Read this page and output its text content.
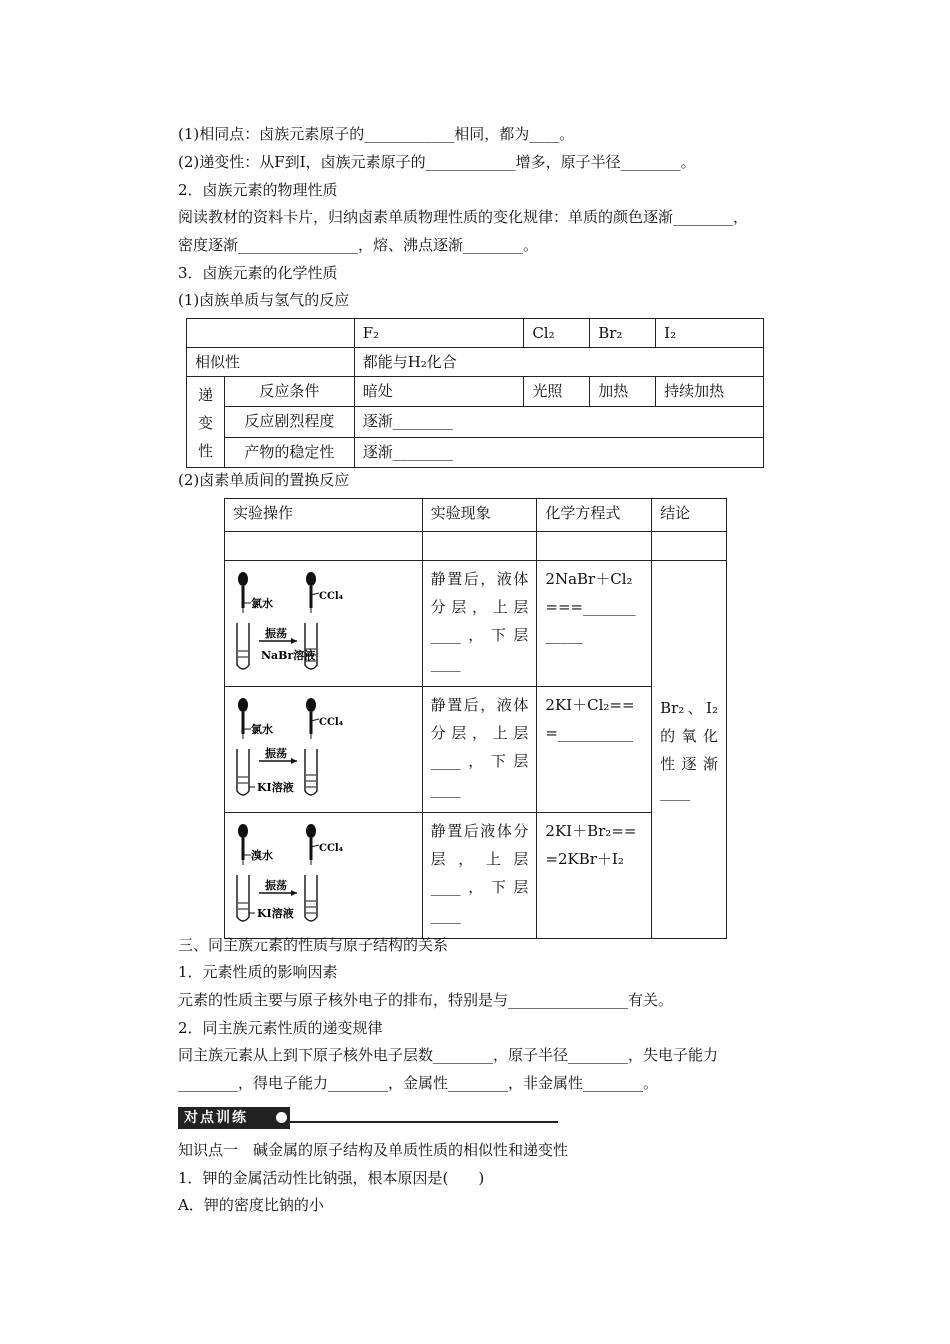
(1)相同点：卤族元素原子的____________相同，都为____。
(2)递变性：从F到I，卤族元素原子的____________增多，原子半径________。
2．卤族元素的物理性质
阅读教材的资料卡片，归纳卤素单质物理性质的变化规律：单质的颜色逐渐________，
密度逐渐________________，熔、沸点逐渐________。
3．卤族元素的化学性质
(1)卤族单质与氢气的反应
		F₂	Cl₂	Br₂	I₂
相似性		都能与H₂化合			

递
变
性	反应条件	暗处	光照	加热	持续加热
	反应剧烈程度	逐渐________			
	产物的稳定性	逐渐________			
(2)卤素单质间的置换反应
实验操作	实验现象	化学方程式	结论

氯水
CCl₄
振荡
NaBr溶液	静置后，液体分层，上层____，下层____	2NaBr＋Cl₂===____________	Br₂、I₂的氧化性逐渐____

氯水
CCl₄
振荡
KI溶液	静置后，液体分层，上层____，下层____	2KI＋Cl₂===__________	

溴水
CCl₄
振荡
KI溶液	静置后液体分层，上层____，下层____	2KI＋Br₂===2KBr＋I₂	
三、同主族元素的性质与原子结构的关系
1．元素性质的影响因素
元素的性质主要与原子核外电子的排布，特别是与________________有关。
2．同主族元素性质的递变规律
同主族元素从上到下原子核外电子层数________，原子半径________，失电子能力
________，得电子能力________，金属性________，非金属性________。
对点训练
知识点一　碱金属的原子结构及单质性质的相似性和递变性
1．钾的金属活动性比钠强，根本原因是(　　)
A．钾的密度比钠的小
